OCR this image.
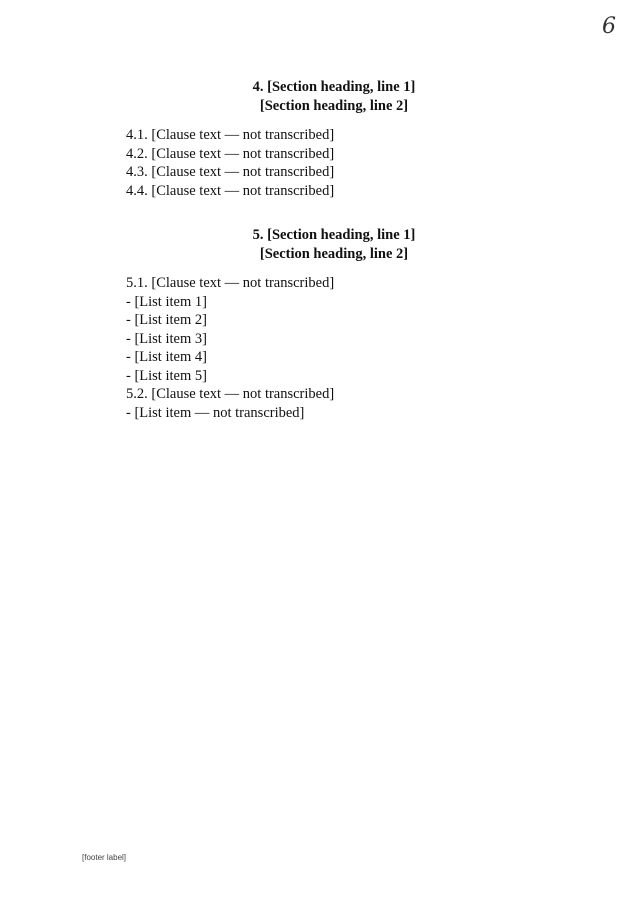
6
4. [Section heading, line 1]
[Section heading, line 2]

4.1. [Clause text — not transcribed]

4.2. [Clause text — not transcribed]

4.3. [Clause text — not transcribed]

4.4. [Clause text — not transcribed]

5. [Section heading, line 1]
[Section heading, line 2]

5.1. [Clause text — not transcribed]

- [List item 1]

- [List item 2]

- [List item 3]

- [List item 4]

- [List item 5]

5.2. [Clause text — not transcribed]

- [List item — not transcribed]

[footer label]
